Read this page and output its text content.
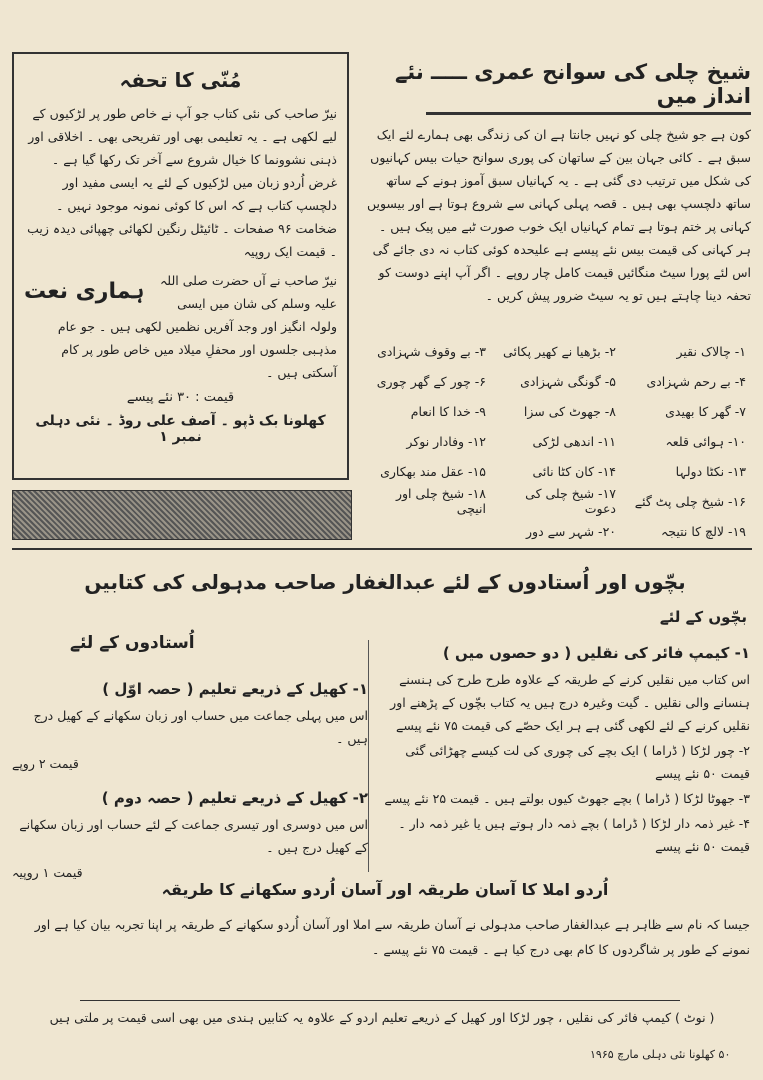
مُنّی کا تحفہ

نیرّ صاحب کی نئی کتاب جو آپ نے خاص طور پر لڑکیوں کے لیے لکھی ہے ۔ یہ تعلیمی بھی اور تفریحی بھی ۔ اخلاقی اور ذہنی نشوونما کا خیال شروع سے آخر تک رکھا گیا ہے ۔ غرض اُردو زبان میں لڑکیوں کے لئے یہ ایسی مفید اور دلچسپ کتاب ہے کہ اس کا کوئی نمونہ موجود نہیں ۔ ضخامت ۹۶ صفحات ۔ ٹائیٹل رنگین لکھائی چھپائی دیدہ زیب ۔ قیمت ایک روپیہ

ہماری نعت	نیرّ صاحب نے آں حضرت صلی اللہ علیہ وسلم کی شان میں ایسی ولولہ انگیز اور وجد آفریں نظمیں لکھی ہیں ۔ جو عام مذہبی جلسوں اور محفلِ میلاد میں خاص طور پر کام آسکتی ہیں ۔

قیمت : ۳۰ نئے پیسے
کھلونا بک ڈپو ۔ آصف علی روڈ ۔ نئی دہلی نمبر ۱
شیخ چلی کی سوانح عمری ـــــ نئے انداز میں

کون ہے جو شیخ چلی کو نہیں جانتا ہے ان کی زندگی بھی ہمارے لئے ایک سبق ہے ۔ کائی جہان بین کے ساتھان کی پوری سوانح حیات بیس کہانیوں کی شکل میں ترتیب دی گئی ہے ۔ یہ کہانیاں سبق آموز ہونے کے ساتھ ساتھ دلچسپ بھی ہیں ۔ قصہ پہلی کہانی سے شروع ہوتا ہے اور بیسویں کہانی پر ختم ہوتا ہے تمام کہانیاں ایک خوب صورت ٹبے میں پیک ہیں ۔ ہر کہانی کی قیمت بیس نئے پیسے ہے علیحدہ کوئی کتاب نہ دی جائے گی اس لئے پورا سیٹ منگائیں قیمت کامل چار روپے ۔ اگر آپ اپنے دوست کو تحفہ دینا چاہتے ہیں تو یہ سیٹ ضرور پیش کریں ۔

۱- چالاک نقیر
۲- بڑھیا نے کھیر پکائی
۳- بے وقوف شہزادی
۴- بے رحم شہزادی
۵- گونگی شہزادی
۶- چور کے گھر چوری
۷- گھر کا بھیدی
۸- جھوٹ کی سزا
۹- خدا کا انعام
۱۰- ہوائی قلعہ
۱۱- اندھی لڑکی
۱۲- وفادار نوکر
۱۳- نکٹا دولہا
۱۴- کان کٹا نائی
۱۵- عقل مند بھکاری
۱۶- شیخ چلی پٹ گئے
۱۷- شیخ چلی کی دعوت
۱۸- شیخ چلی اور انیچی
۱۹- لالچ کا نتیجہ
۲۰- شہر سے دور
بچّوں اور اُستادوں کے لئے عبدالغفار صاحب مدہولی کی کتابیں
بچّوں کے لئے
اُستادوں کے لئے	۱- کیمپ فائر کی نقلیں ( دو حصوں میں )

اس کتاب میں نقلیں کرنے کے طریقہ کے علاوہ طرح طرح کی ہنسنے ہنسانے والی نقلیں ۔ گیت وغیرہ درج ہیں یہ کتاب بچّوں کے پڑھنے اور نقلیں کرنے کے لئے لکھی گئی ہے ہر ایک حصّے کی قیمت ۷۵ نئے پیسے

۲- چور لڑکا ( ڈراما ) ایک بچے کی چوری کی لت کیسے چھڑائی گئی قیمت ۵۰ نئے پیسے

۳- جھوٹا لڑکا ( ڈراما ) بچے جھوٹ کیوں بولتے ہیں ۔ قیمت ۲۵ نئے پیسے

۴- غیر ذمہ دار لڑکا ( ڈراما ) بچے ذمہ دار ہوتے ہیں یا غیر ذمہ دار ۔ قیمت ۵۰ نئے پیسے

۱- کھیل کے ذریعے تعلیم ( حصہ اوّل )

اس میں پہلی جماعت میں حساب اور زبان سکھانے کے کھیل درج ہیں ۔

قیمت ۲ روپے
۲- کھیل کے ذریعے تعلیم ( حصہ دوم )

اس میں دوسری اور تیسری جماعت کے لئے حساب اور زبان سکھانے کے کھیل درج ہیں ۔

قیمت ۱ روپیہ
اُردو املا کا آسان طریقہ اور آسان اُردو سکھانے کا طریقہ

جیسا کہ نام سے ظاہر ہے عبدالغفار صاحب مدہولی نے آسان طریقہ سے املا اور آسان اُردو سکھانے کے طریقہ پر اپنا تجربہ بیان کیا ہے اور نمونے کے طور پر شاگردوں کا کام بھی درج کیا ہے ۔ قیمت ۷۵ نئے پیسے ۔

( نوٹ ) کیمپ فائر کی نقلیں ، چور لڑکا اور کھیل کے ذریعے تعلیم اردو کے علاوہ یہ کتابیں ہندی میں بھی اسی قیمت پر ملتی ہیں
۵۰ کھلونا نئی دہلی مارچ ۱۹۶۵
